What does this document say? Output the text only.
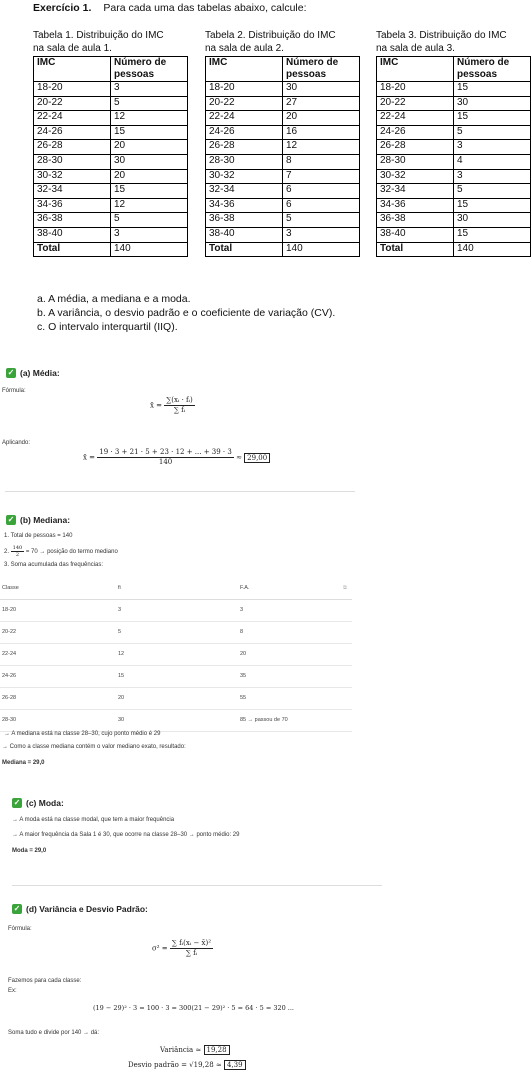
Exercício 1. Para cada uma das tabelas abaixo, calcule:
Tabela 1. Distribuição do IMC
na sala de aula 1.
IMC	Número de
pessoas

18-20	3
20-22	5
22-24	12
24-26	15
26-28	20
28-30	30
30-32	20
32-34	15
34-36	12
36-38	5
38-40	3
Total	140
Tabela 2. Distribuição do IMC
na sala de aula 2.
IMC	Número de
pessoas

18-20	30
20-22	27
22-24	20
24-26	16
26-28	12
28-30	8
30-32	7
32-34	6
34-36	6
36-38	5
38-40	3
Total	140
Tabela 3. Distribuição do IMC
na sala de aula 3.
IMC	Número de
pessoas

18-20	15
20-22	30
22-24	15
24-26	5
26-28	3
28-30	4
30-32	3
32-34	5
34-36	15
36-38	30
38-40	15
Total	140
a. A média, a mediana e a moda.
b. A variância, o desvio padrão e o coeficiente de variação (CV).
c. O intervalo interquartil (IIQ).
✓ (a) Média:
Fórmula:
x̄ = $\frac{\text{∑(xᵢ · fᵢ)}}{\text{∑ fᵢ}}$
Aplicando:
x̄ = $\frac{19 \cdot 3 + 21 \cdot 5 + 23 \cdot 12 + ... + 39 \cdot 3}{140} \approx 29,00$
✓ (b) Mediana:
1. Total de pessoas = 140
2. $\frac{140}{2} = 70$ → posição do termo mediano
3. Soma acumulada das frequências:
Classe	fi	F.A.	⧉
18-20	3	3
20-22	5	8
22-24	12	20
24-26	15	35
26-28	20	55
28-30	30	85 → passou de 70
→ A mediana está na classe 28–30, cujo ponto médio é 29
→ Como a classe mediana contém o valor mediano exato, resultado:
Mediana = 29,0
✓ (c) Moda:
→ A moda está na classe modal, que tem a maior frequência
→ A maior frequência da Sala 1 é 30, que ocorre na classe 28–30 → ponto médio: 29
Moda = 29,0
✓ (d) Variância e Desvio Padrão:
Fórmula:
$\sigma^2 = \frac{\text{∑ fᵢ(xᵢ − x̄)²}}{\text{∑ fᵢ}}$
Fazemos para cada classe:
Ex:
(19 − 29)² · 3 = 100 · 3 = 300(21 − 29)² · 5 = 64 · 5 = 320 ...
Soma tudo e divide por 140 → dá:
Variância ≈ 19,28
Desvio padrão = √19,28 ≈ 4,39
